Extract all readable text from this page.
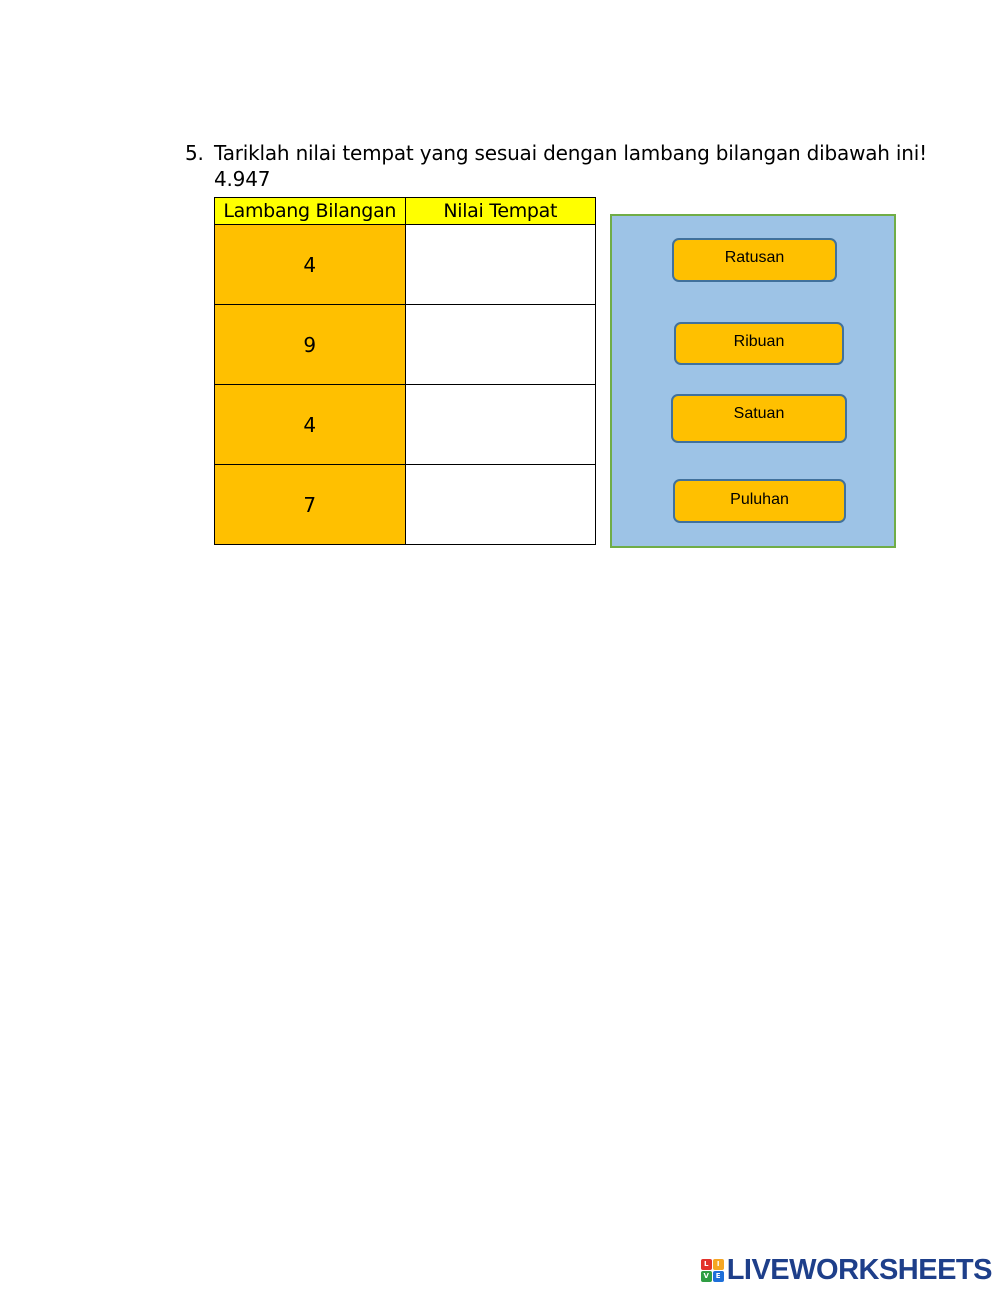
5. Tariklah nilai tempat yang sesuai dengan lambang bilangan dibawah ini!
4.947
Lambang Bilangan	Nilai Tempat
4	
9	
4	
7	
Ratusan
Ribuan
Satuan
Puluhan
L	I
V E LIVEWORKSHEETS
